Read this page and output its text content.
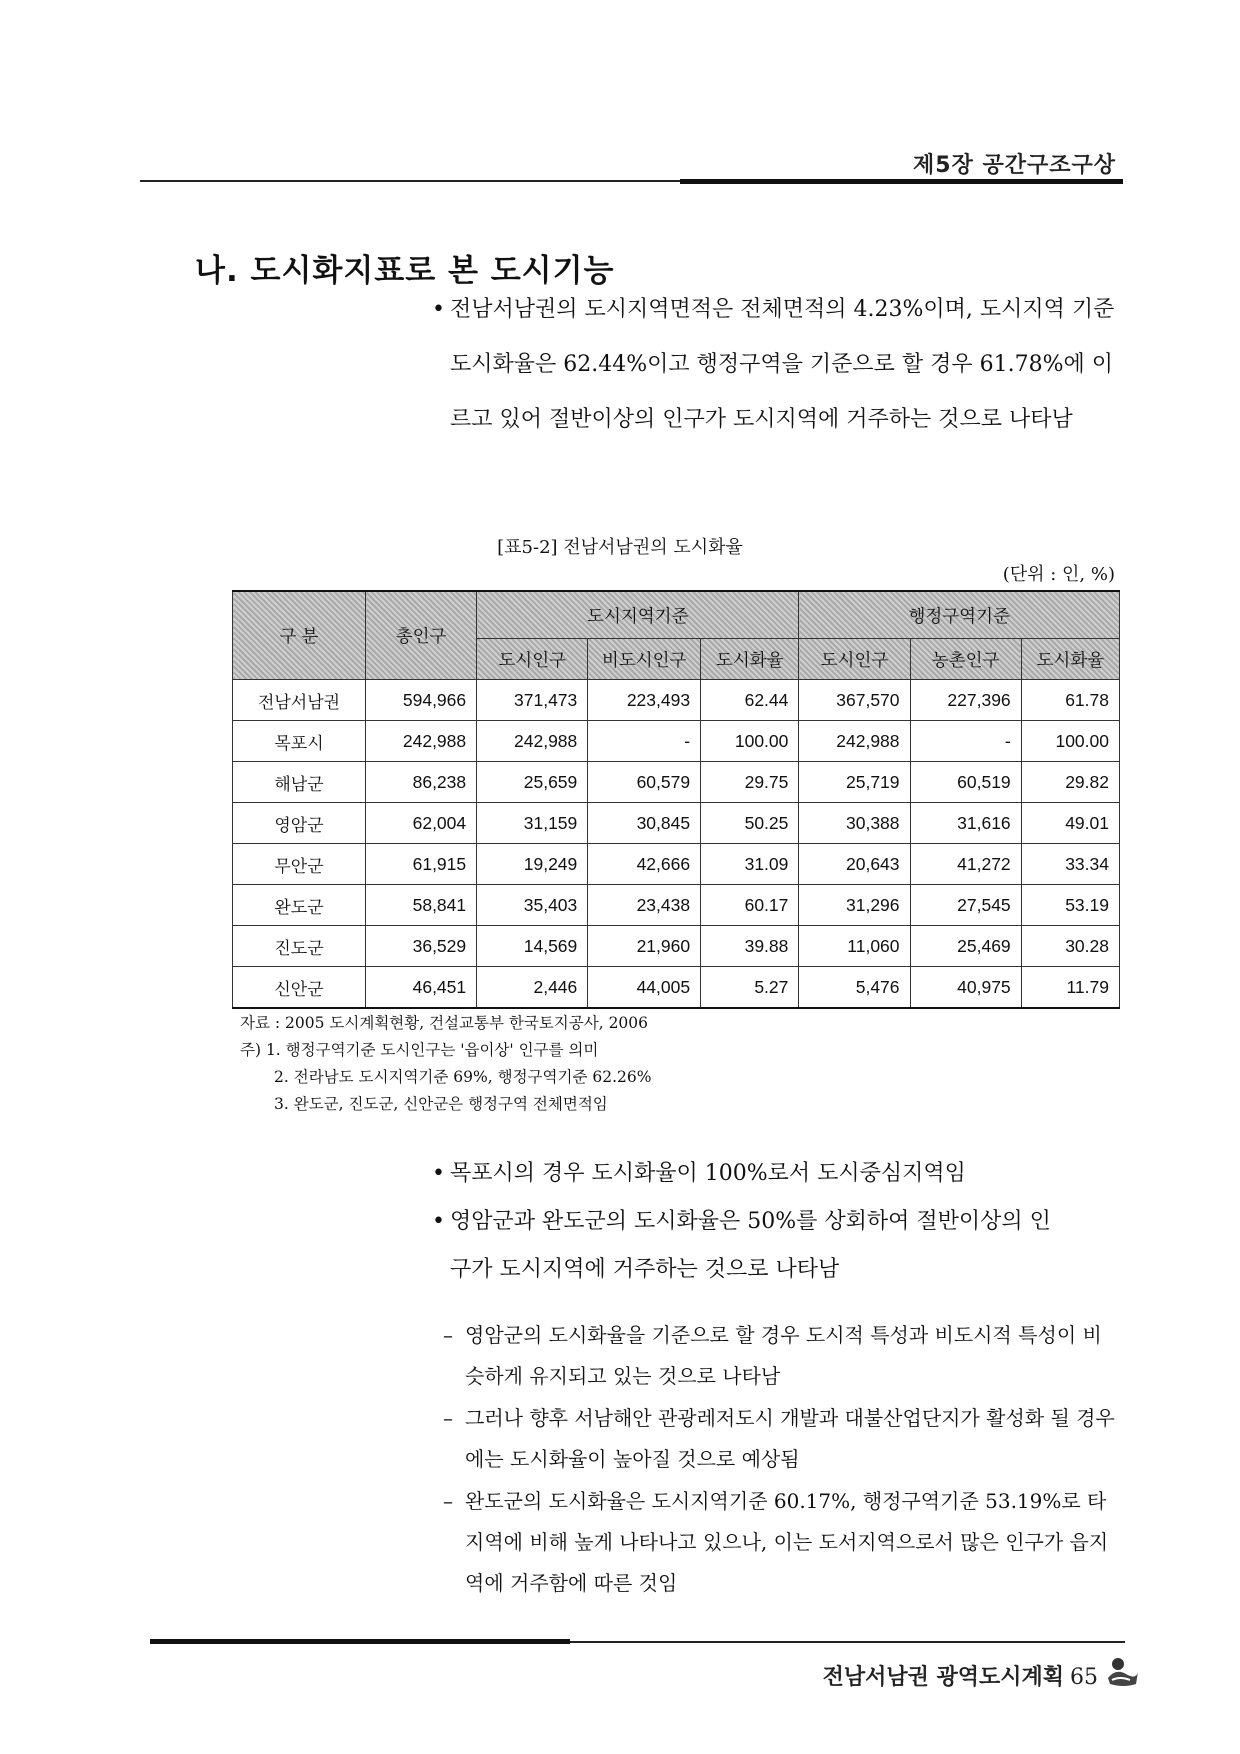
제5장 공간구조구상
나. 도시화지표로 본 도시기능
• 전남서남권의 도시지역면적은 전체면적의 4.23%이며, 도시지역 기준 도시화율은 62.44%이고 행정구역을 기준으로 할 경우 61.78%에 이르고 있어 절반이상의 인구가 도시지역에 거주하는 것으로 나타남
[표5-2] 전남서남권의 도시화율
(단위 : 인, %)
구 분	총인구	도시지역기준			행정구역기준		
		도시인구	비도시인구	도시화율	도시인구	농촌인구	도시화율
전남서남권	594,966	371,473	223,493	62.44	367,570	227,396	61.78
목포시	242,988	242,988	-	100.00	242,988	-	100.00
해남군	86,238	25,659	60,579	29.75	25,719	60,519	29.82
영암군	62,004	31,159	30,845	50.25	30,388	31,616	49.01
무안군	61,915	19,249	42,666	31.09	20,643	41,272	33.34
완도군	58,841	35,403	23,438	60.17	31,296	27,545	53.19
진도군	36,529	14,569	21,960	39.88	11,060	25,469	30.28
신안군	46,451	2,446	44,005	5.27	5,476	40,975	11.79
자료 : 2005 도시계획현황, 건설교통부 한국토지공사, 2006
주) 1. 행정구역기준 도시인구는 '읍이상' 인구를 의미
2. 전라남도 도시지역기준 69%, 행정구역기준 62.26%
3. 완도군, 진도군, 신안군은 행정구역 전체면적임
• 목포시의 경우 도시화율이 100%로서 도시중심지역임
• 영암군과 완도군의 도시화율은 50%를 상회하여 절반이상의 인
구가 도시지역에 거주하는 것으로 나타남
– 영암군의 도시화율을 기준으로 할 경우 도시적 특성과 비도시적 특성이 비슷하게 유지되고 있는 것으로 나타남
– 그러나 향후 서남해안 관광레저도시 개발과 대불산업단지가 활성화 될 경우에는 도시화율이 높아질 것으로 예상됨
– 완도군의 도시화율은 도시지역기준 60.17%, 행정구역기준 53.19%로 타지역에 비해 높게 나타나고 있으나, 이는 도서지역으로서 많은 인구가 읍지역에 거주함에 따른 것임
전남서남권 광역도시계획 65
